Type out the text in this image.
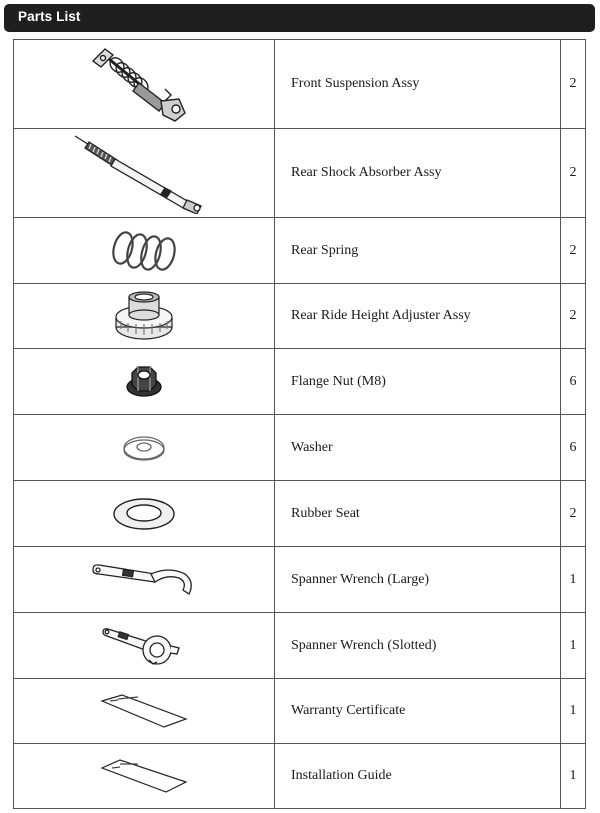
Parts List
	Front Suspension Assy	2

	Rear Shock Absorber Assy	2

	Rear Spring	2

	Rear Ride Height Adjuster Assy	2

	Flange Nut (M8)	6

	Washer	6

	Rubber Seat	2

	Spanner Wrench (Large)	1

	Spanner Wrench (Slotted)	1

	Warranty Certificate	1

	Installation Guide	1
